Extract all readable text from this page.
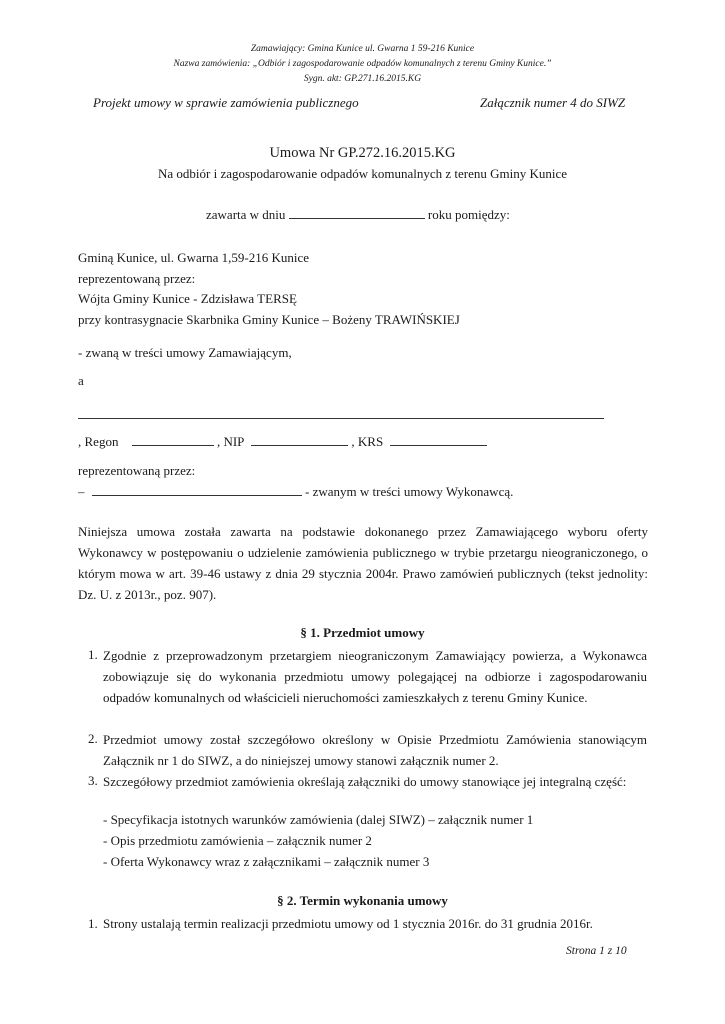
Zamawiający: Gmina Kunice ul. Gwarna 1 59-216 Kunice
Nazwa zamówienia: „Odbiór i zagospodarowanie odpadów komunalnych z terenu Gminy Kunice.”
Sygn. akt: GP.271.16.2015.KG
Projekt umowy w sprawie zamówienia publicznego	Załącznik numer 4 do SIWZ
Umowa Nr GP.272.16.2015.KG
Na odbiór i zagospodarowanie odpadów komunalnych z terenu Gminy Kunice
zawarta w dniu	roku pomiędzy:
Gminą Kunice, ul. Gwarna 1,59-216 Kunice
reprezentowaną przez:
Wójta Gminy Kunice - Zdzisława TERSĘ
przy kontrasygnacie Skarbnika Gminy Kunice – Bożeny TRAWIŃSKIEJ
- zwaną w treści umowy Zamawiającym,
a
, Regon	, NIP	, KRS
reprezentowaną przez:
–	- zwanym w treści umowy Wykonawcą.
Niniejsza umowa została zawarta na podstawie dokonanego przez Zamawiającego wyboru oferty Wykonawcy w postępowaniu o udzielenie zamówienia publicznego w trybie przetargu nieograniczonego, o którym mowa w art. 39-46 ustawy z dnia 29 stycznia 2004r. Prawo zamówień publicznych (tekst jednolity: Dz. U. z 2013r., poz. 907).
§ 1. Przedmiot umowy
1. Zgodnie z przeprowadzonym przetargiem nieograniczonym Zamawiający powierza, a Wykonawca zobowiązuje się do wykonania przedmiotu umowy polegającej na odbiorze i zagospodarowaniu odpadów komunalnych od właścicieli nieruchomości zamieszkałych z terenu Gminy Kunice.
2. Przedmiot umowy został szczegółowo określony w Opisie Przedmiotu Zamówienia stanowiącym Załącznik nr 1 do SIWZ, a do niniejszej umowy stanowi załącznik numer 2.
3. Szczegółowy przedmiot zamówienia określają załączniki do umowy stanowiące jej integralną część:
- Specyfikacja istotnych warunków zamówienia (dalej SIWZ) – załącznik numer 1
- Opis przedmiotu zamówienia – załącznik numer 2
- Oferta Wykonawcy wraz z załącznikami – załącznik numer 3
§ 2. Termin wykonania umowy
1. Strony ustalają termin realizacji przedmiotu umowy od 1 stycznia 2016r. do 31 grudnia 2016r.
Strona 1 z 10
